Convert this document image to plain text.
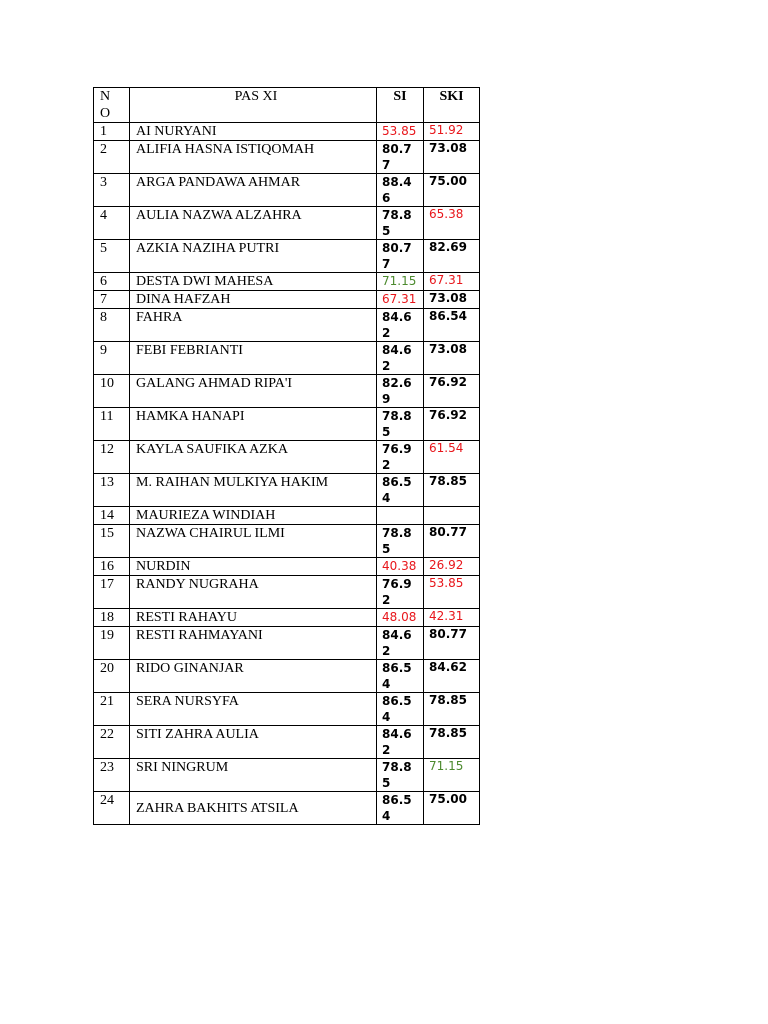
NO	PAS XI	SI	SKI
1	AI NURYANI	53.85	51.92
2	ALIFIA HASNA ISTIQOMAH	80.77	73.08
3	ARGA PANDAWA AHMAR	88.46	75.00
4	AULIA NAZWA ALZAHRA	78.85	65.38
5	AZKIA NAZIHA PUTRI	80.77	82.69
6	DESTA DWI MAHESA	71.15	67.31
7	DINA HAFZAH	67.31	73.08
8	FAHRA	84.62	86.54
9	FEBI FEBRIANTI	84.62	73.08
10	GALANG AHMAD RIPA'I	82.69	76.92
11	HAMKA HANAPI	78.85	76.92
12	KAYLA SAUFIKA AZKA	76.92	61.54
13	M. RAIHAN MULKIYA HAKIM	86.54	78.85
14	MAURIEZA WINDIAH	

15	NAZWA CHAIRUL ILMI	78.85	80.77
16	NURDIN	40.38	26.92
17	RANDY NUGRAHA	76.92	53.85
18	RESTI RAHAYU	48.08	42.31
19	RESTI RAHMAYANI	84.62	80.77
20	RIDO GINANJAR	86.54	84.62
21	SERA NURSYFA	86.54	78.85
22	SITI ZAHRA AULIA	84.62	78.85
23	SRI NINGRUM	78.85	71.15
24	ZAHRA BAKHITS ATSILA	86.54	75.00
